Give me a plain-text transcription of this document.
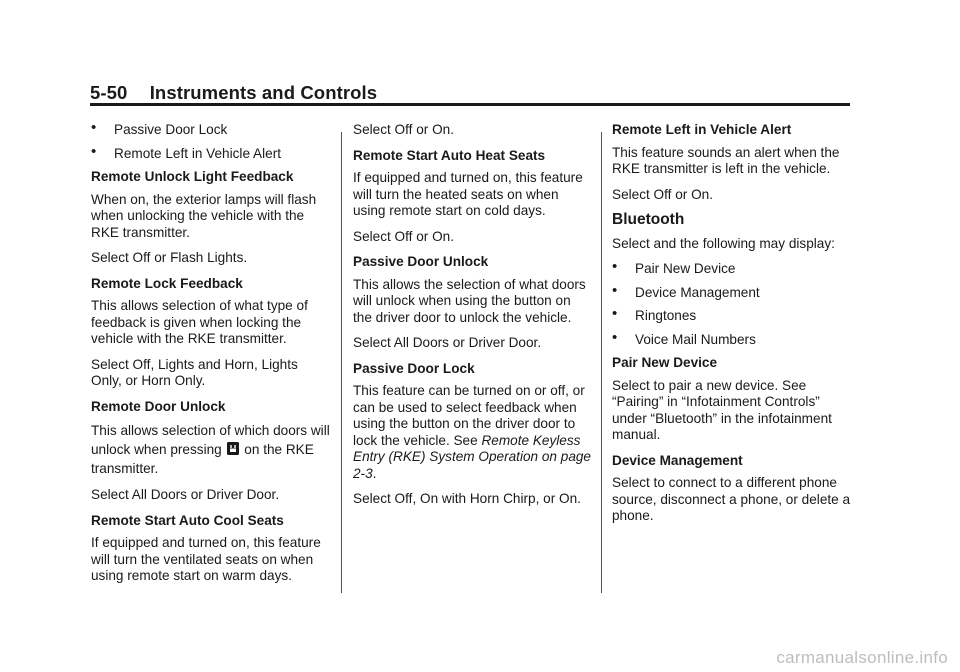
5-50 Instruments and Controls
• Passive Door Lock
• Remote Left in Vehicle Alert
Remote Unlock Light Feedback
When on, the exterior lamps will flash when unlocking the vehicle with the RKE transmitter.
Select Off or Flash Lights.
Remote Lock Feedback
This allows selection of what type of feedback is given when locking the vehicle with the RKE transmitter.
Select Off, Lights and Horn, Lights Only, or Horn Only.
Remote Door Unlock
This allows selection of which doors will unlock when pressing on the RKE transmitter.
Select All Doors or Driver Door.
Remote Start Auto Cool Seats
If equipped and turned on, this feature will turn the ventilated seats on when using remote start on warm days.
Select Off or On.
Remote Start Auto Heat Seats
If equipped and turned on, this feature will turn the heated seats on when using remote start on cold days.
Select Off or On.
Passive Door Unlock
This allows the selection of what doors will unlock when using the button on the driver door to unlock the vehicle.
Select All Doors or Driver Door.
Passive Door Lock
This feature can be turned on or off, or can be used to select feedback when using the button on the driver door to lock the vehicle. See Remote Keyless Entry (RKE) System Operation on page 2-3.
Select Off, On with Horn Chirp, or On.
Remote Left in Vehicle Alert
This feature sounds an alert when the RKE transmitter is left in the vehicle.
Select Off or On.
Bluetooth
Select and the following may display:
• Pair New Device
• Device Management
• Ringtones
• Voice Mail Numbers
Pair New Device
Select to pair a new device. See “Pairing” in “Infotainment Controls” under “Bluetooth” in the infotainment manual.
Device Management
Select to connect to a different phone source, disconnect a phone, or delete a phone.
carmanualsonline.info
